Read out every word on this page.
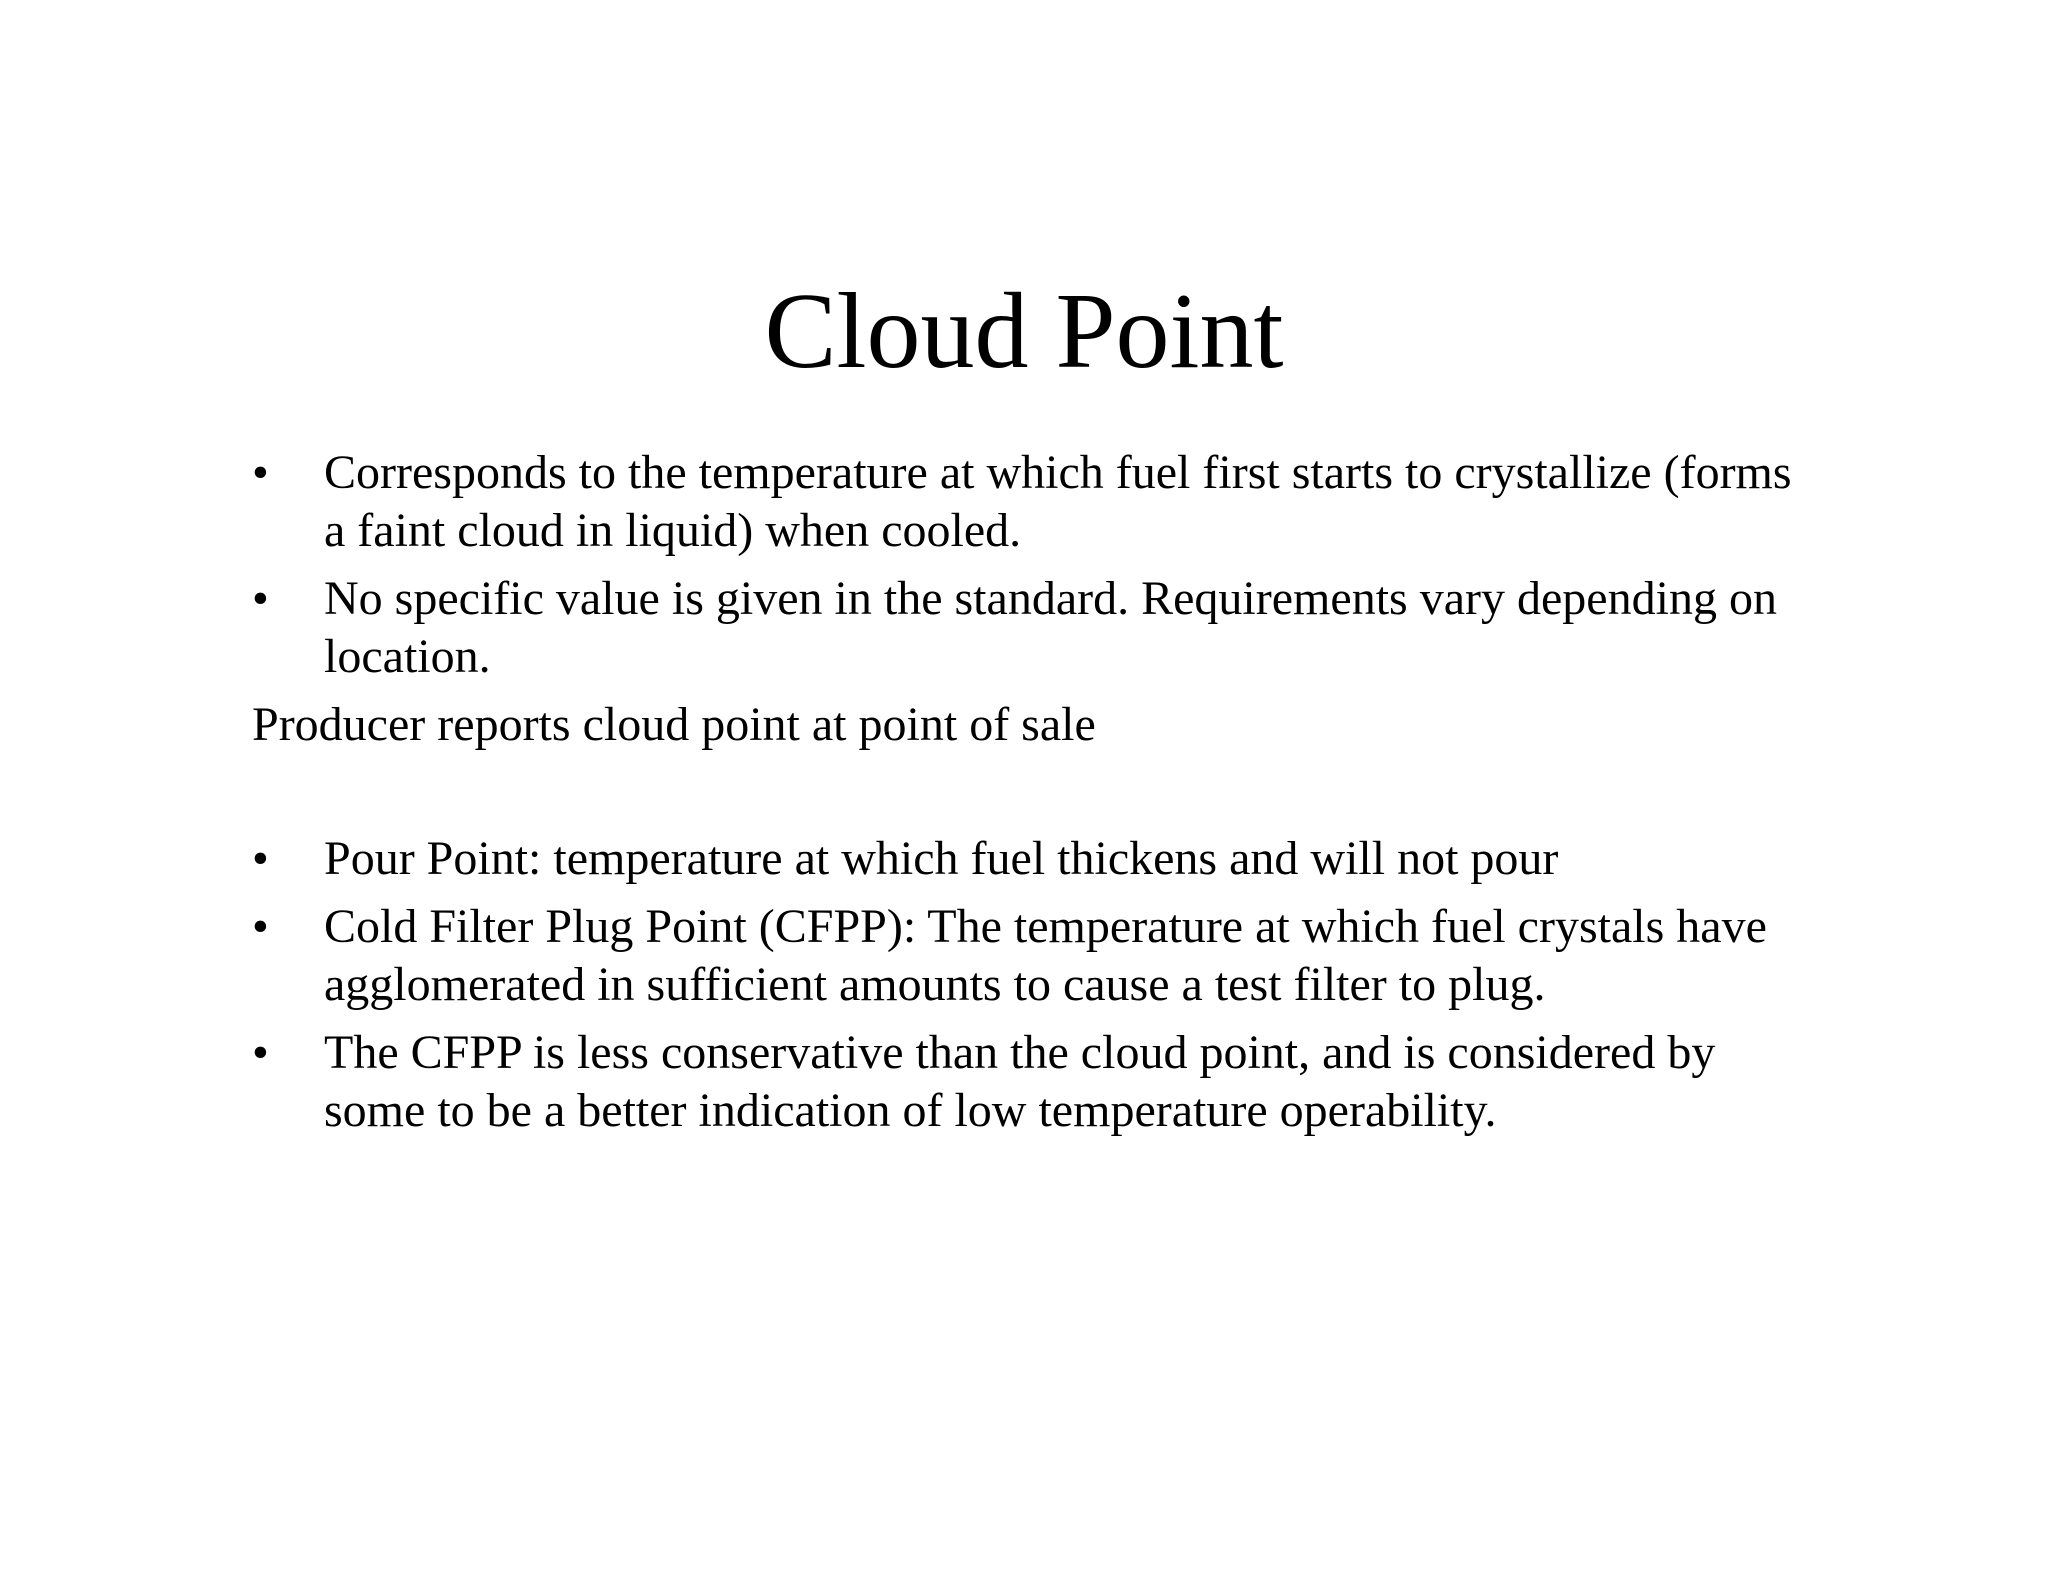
Cloud Point
•	Corresponds to the temperature at which fuel first starts to crystallize (forms a faint cloud in liquid) when cooled.
•	No specific value is given in the standard. Requirements vary depending on location.
Producer reports cloud point at point of sale
•	Pour Point: temperature at which fuel thickens and will not pour
•	Cold Filter Plug Point (CFPP): The temperature at which fuel crystals have agglomerated in sufficient amounts to cause a test filter to plug.
•	The CFPP is less conservative than the cloud point, and is considered by some to be a better indication of low temperature operability.
